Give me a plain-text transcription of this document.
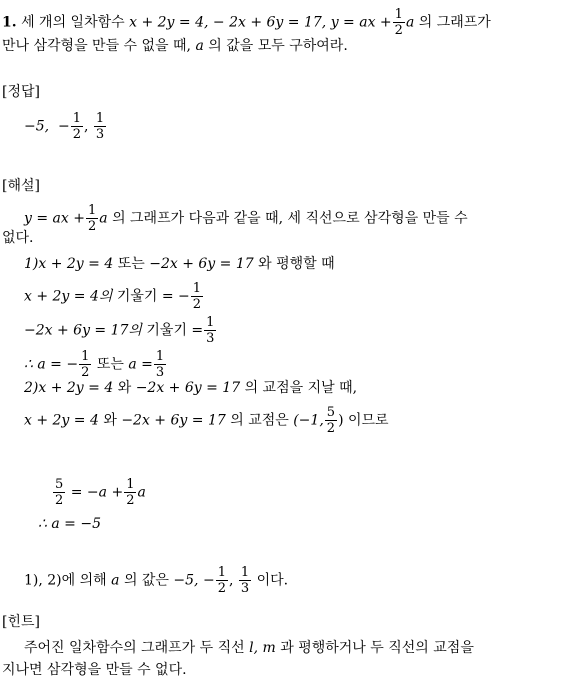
1. 세 개의 일차함수 x + 2y = 4, − 2x + 6y = 17, y = ax + $\frac{1}{2}$ a 의 그래프가
만나 삼각형을 만들 수 없을 때, a 의 값을 모두 구하여라.
[정답]
−5, − $\frac{1}{2}$ , $\frac{1}{3}$
[해설]
y = ax + $\frac{1}{2}$ a 의 그래프가 다음과 같을 때, 세 직선으로 삼각형을 만들 수
없다.
1)x + 2y = 4 또는 −2x + 6y = 17 와 평행할 때
x + 2y = 4의 기울기 = − $\frac{1}{2}$
−2x + 6y = 17의 기울기 = $\frac{1}{3}$
∴ a = − $\frac{1}{2}$ 또는 $a = \frac{1}{3}$
2)x + 2y = 4 와 −2x + 6y = 17 의 교점을 지날 때,
x + 2y = 4 와 −2x + 6y = 17 의 교점은 (−1, $\frac{5}{2}$ ) 이므로
$\frac{5}{2} = -a + \frac{1}{2}$ a
∴ a = −5
1), 2)에 의해 a 의 값은 −5, − $\frac{1}{2}$ , $\frac{1}{3}$ 이다.
[힌트]
주어진 일차함수의 그래프가 두 직선 l, m 과 평행하거나 두 직선의 교점을
지나면 삼각형을 만들 수 없다.
